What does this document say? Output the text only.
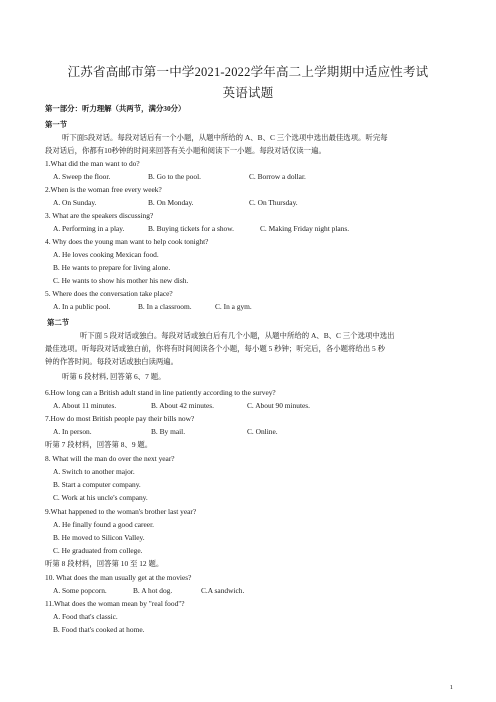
江苏省高邮市第一中学2021-2022学年高二上学期期中适应性考试
英语试题
第一部分：听力理解（共两节，满分30分）
第一节
听下面5段对话。每段对话后有一个小题，从题中所给的 A、B、C 三个选项中选出最佳选项。听完每
段对话后，你都有10秒钟的时间来回答有关小题和阅读下一小题。每段对话仅读一遍。
1.What did the man want to do?
A. Sweep the floor.	B. Go to the pool.	C. Borrow a dollar.
2.When is the woman free every week?
A. On Sunday.	B. On Monday.	C. On Thursday.
3. What are the speakers discussing?
A. Performing in a play.	B. Buying tickets for a show.	C. Making Friday night plans.
4. Why does the young man want to help cook tonight?
A. He loves cooking Mexican food.
B. He wants to prepare for living alone.
C. He wants to show his mother his new dish.
5. Where does the conversation take place?
A. In a public pool.	B. In a classroom.	C. In a gym.
第二节
听下面 5 段对话或独白。每段对话或独白后有几个小题，从题中所给的 A、B、C 三个选项中选出
最佳选项。听每段对话或独白前，你将有时间阅读各个小题，每小题 5 秒钟；听完后，各小题将给出 5 秒
钟的作答时间。每段对话或独白读两遍。
听第 6 段材料, 回答第 6、7 题。
6.How long can a British adult stand in line patiently according to the survey?
A. About 11 minutes.	B. About 42 minutes.	C. About 90 minutes.
7.How do most British people pay their bills now?
A. In person.	B. By mail.	C. Online.
听第 7 段材料，回答第 8、9 题。
8. What will the man do over the next year?
A. Switch to another major.
B. Start a computer company.
C. Work at his uncle's company.
9.What happened to the woman's brother last year?
A. He finally found a good career.
B. He moved to Silicon Valley.
C. He graduated from college.
听第 8 段材料，回答第 10 至 12 题。
10. What does the man usually get at the movies?
A. Some popcorn.	B. A hot dog.	C.A sandwich.
11.What does the woman mean by "real food"?
A. Food that's classic.
B. Food that's cooked at home.
1
